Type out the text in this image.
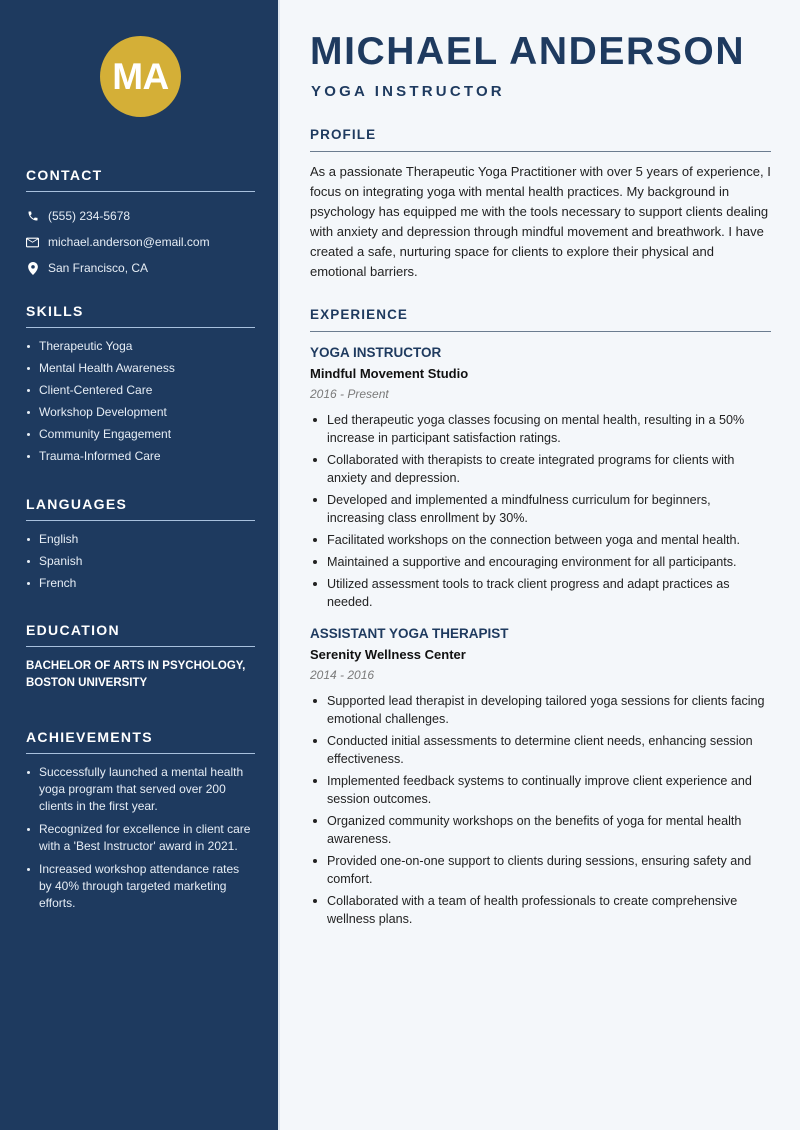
MA
CONTACT
(555) 234-5678
michael.anderson@email.com
San Francisco, CA
SKILLS
Therapeutic Yoga
Mental Health Awareness
Client-Centered Care
Workshop Development
Community Engagement
Trauma-Informed Care
LANGUAGES
English
Spanish
French
EDUCATION
BACHELOR OF ARTS IN PSYCHOLOGY,
BOSTON UNIVERSITY
ACHIEVEMENTS
Successfully launched a mental health yoga program that served over 200 clients in the first year.
Recognized for excellence in client care with a 'Best Instructor' award in 2021.
Increased workshop attendance rates by 40% through targeted marketing efforts.
MICHAEL ANDERSON
YOGA INSTRUCTOR
PROFILE

As a passionate Therapeutic Yoga Practitioner with over 5 years of experience, I focus on integrating yoga with mental health practices. My background in psychology has equipped me with the tools necessary to support clients dealing with anxiety and depression through mindful movement and breathwork. I have created a safe, nurturing space for clients to explore their physical and emotional barriers.

EXPERIENCE
YOGA INSTRUCTOR
Mindful Movement Studio
2016 - Present
Led therapeutic yoga classes focusing on mental health, resulting in a 50% increase in participant satisfaction ratings.
Collaborated with therapists to create integrated programs for clients with anxiety and depression.
Developed and implemented a mindfulness curriculum for beginners, increasing class enrollment by 30%.
Facilitated workshops on the connection between yoga and mental health.
Maintained a supportive and encouraging environment for all participants.
Utilized assessment tools to track client progress and adapt practices as needed.
ASSISTANT YOGA THERAPIST
Serenity Wellness Center
2014 - 2016
Supported lead therapist in developing tailored yoga sessions for clients facing emotional challenges.
Conducted initial assessments to determine client needs, enhancing session effectiveness.
Implemented feedback systems to continually improve client experience and session outcomes.
Organized community workshops on the benefits of yoga for mental health awareness.
Provided one-on-one support to clients during sessions, ensuring safety and comfort.
Collaborated with a team of health professionals to create comprehensive wellness plans.
